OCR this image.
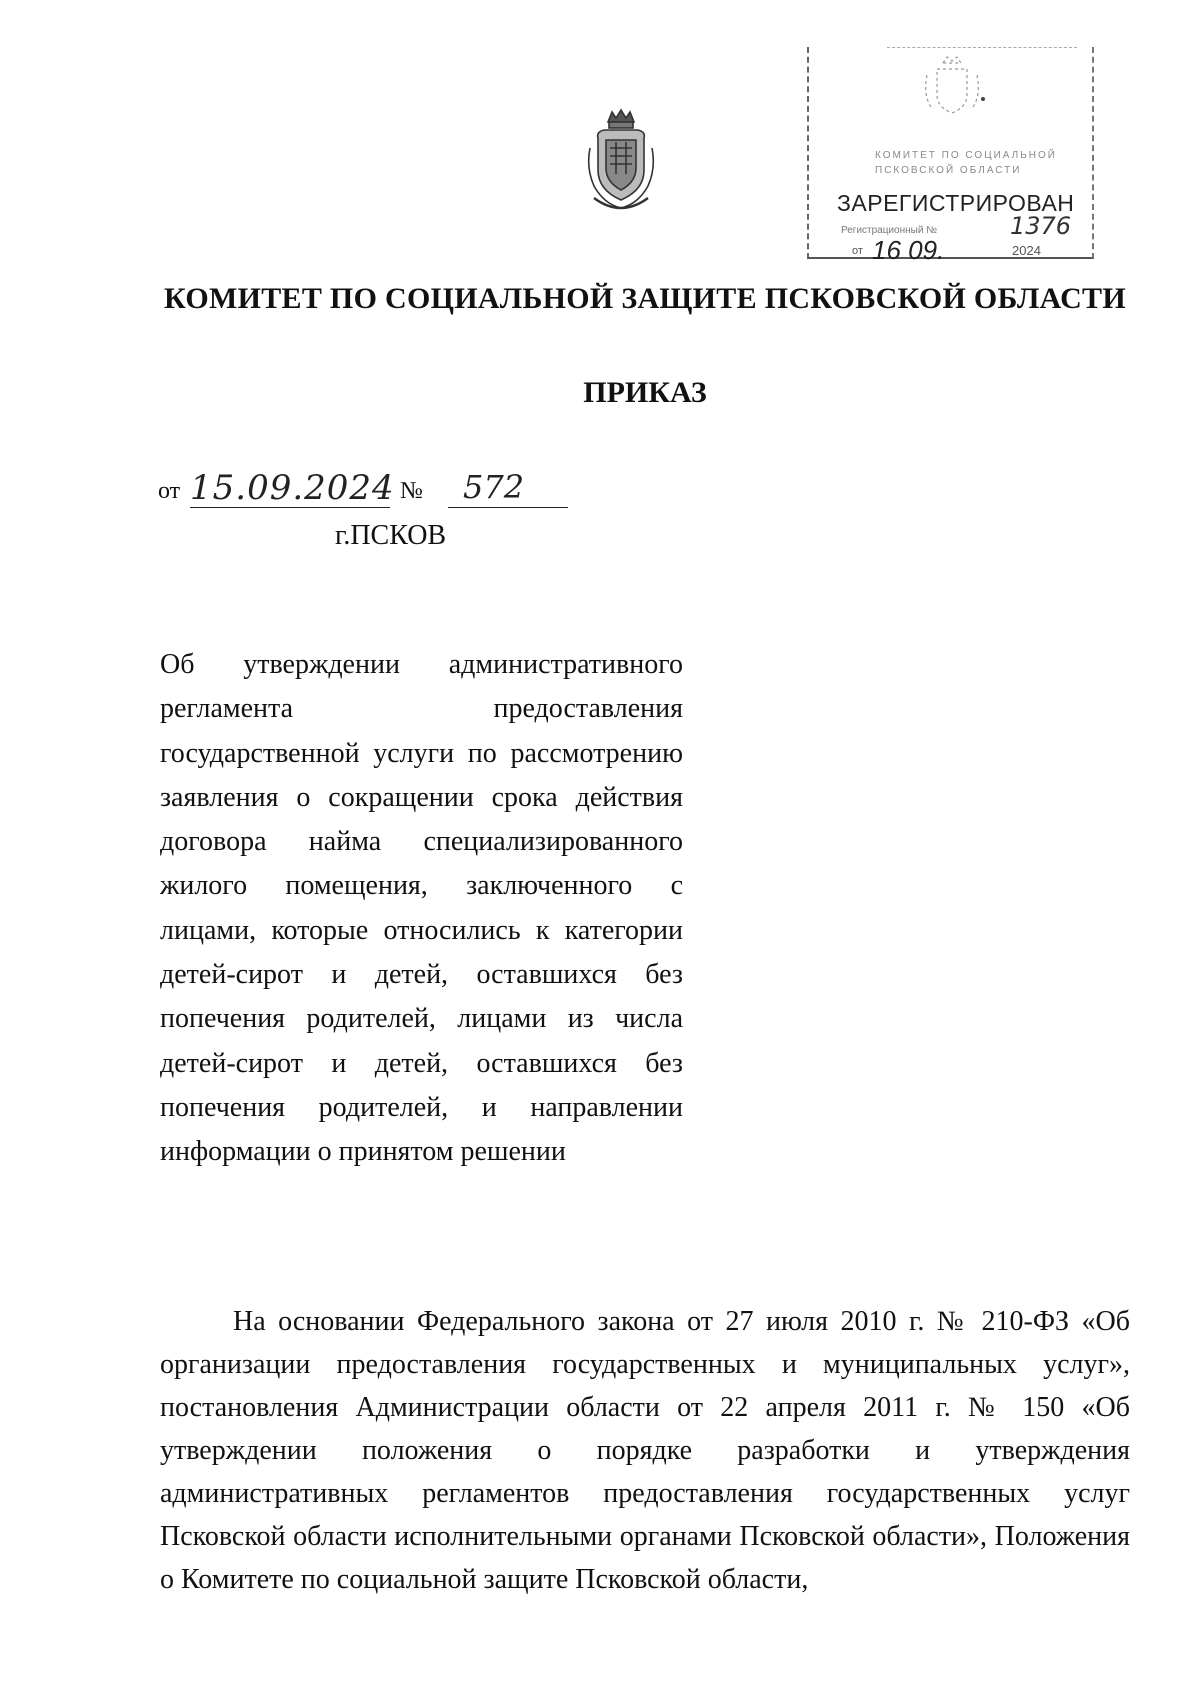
КОМИТЕТ ПО СОЦИАЛЬНОЙ
ПСКОВСКОЙ ОБЛАСТИ
ЗАРЕГИСТРИРОВАН
Регистрационный №	1376
от 16 09.	2024
КОМИТЕТ ПО СОЦИАЛЬНОЙ ЗАЩИТЕ ПСКОВСКОЙ ОБЛАСТИ
ПРИКАЗ
от 15.09.2024 № 572
г.ПСКОВ
Об утверждении административного регламента предоставления государственной услуги по рассмотрению заявления о сокращении срока действия договора найма специализированного жилого помещения, заключенного с лицами, которые относились к категории детей-сирот и детей, оставшихся без попечения родителей, лицами из числа детей-сирот и детей, оставшихся без попечения родителей, и направлении информации о принятом решении
На основании Федерального закона от 27 июля 2010 г. № 210-ФЗ «Об организации предоставления государственных и муниципальных услуг», постановления Администрации области от 22 апреля 2011 г. № 150 «Об утверждении положения о порядке разработки и утверждения административных регламентов предоставления государственных услуг Псковской области исполнительными органами Псковской области», Положения о Комитете по социальной защите Псковской области,
